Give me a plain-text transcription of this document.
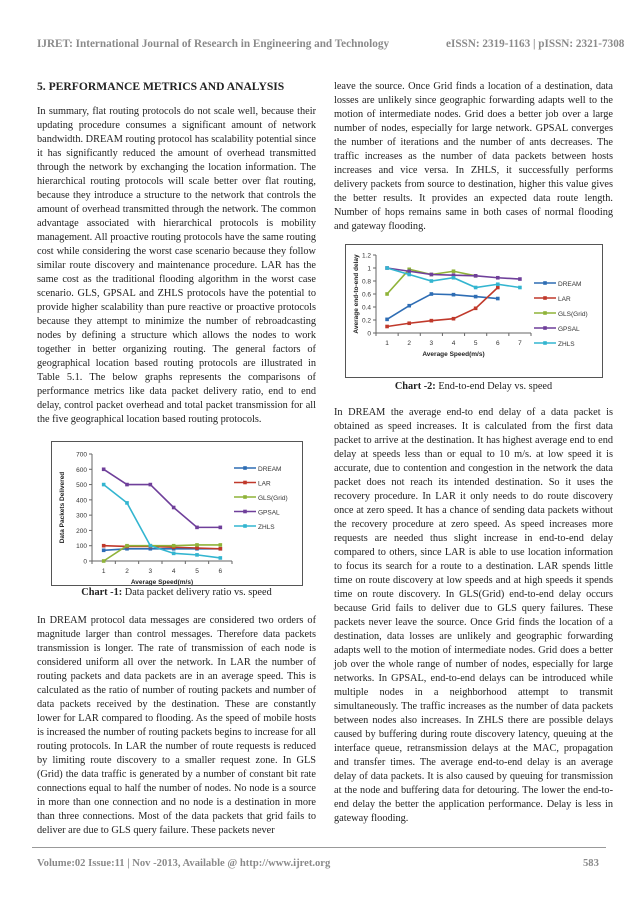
IJRET: International Journal of Research in Engineering and Technology	eISSN: 2319-1163 | pISSN: 2321-7308
5. PERFORMANCE METRICS AND ANALYSIS

In summary, flat routing protocols do not scale well, because their updating procedure consumes a significant amount of network bandwidth. DREAM routing protocol has scalability potential since it has significantly reduced the amount of overhead transmitted through the network by exchanging the location information. The hierarchical routing protocols will scale better over flat routing, because they introduce a structure to the network that controls the amount of overhead transmitted through the network. The common advantage associated with hierarchical protocols is mobility management. All proactive routing protocols have the same routing cost while considering the worst case scenario because they follow similar route discovery and maintenance procedure. LAR has the same cost as the traditional flooding algorithm in the worst case scenario. GLS, GPSAL and ZHLS protocols have the potential to provide higher scalability than pure reactive or proactive protocols because they attempt to minimize the number of rebroadcasting nodes by defining a structure which allows the nodes to work together in better organizing routing. The general factors of geographical location based routing protocols are illustrated in Table 5.1. The below graphs represents the comparisons of performance metrics like data packet delivery ratio, end to end delay, control packet overhead and total packet transmission for all the five geographical location based routing protocols.

0
100
200
300
400
500
600
700
1	2	3	4	5	6
Average Speed(m/s)
Data Packets Delivered
DREAM
LAR
GLS(Grid)
GPSAL
ZHLS
Chart -1: Data packet delivery ratio vs. speed

In DREAM protocol data messages are considered two orders of magnitude larger than control messages. Therefore data packets transmission is longer. The rate of transmission of each node is considered uniform all over the network. In LAR the number of routing packets and data packets are in an average speed. This is calculated as the ratio of number of routing packets and number of data packets received by the destination. These are constantly lower for LAR compared to flooding. As the speed of mobile hosts is increased the number of routing packets begins to increase for all routing protocols. In LAR the number of route requests is reduced by limiting route discovery to a smaller request zone. In GLS (Grid) the data traffic is generated by a number of constant bit rate connections equal to half the number of nodes. No node is a source in more than one connection and no node is a destination in more than three connections. Most of the data packets that grid fails to deliver are due to GLS query failure. These packets never

leave the source. Once Grid finds a location of a destination, data losses are unlikely since geographic forwarding adapts well to the motion of intermediate nodes. Grid does a better job over a large number of nodes, especially for large network. GPSAL converges the number of iterations and the number of ants decreases. The traffic increases as the number of data packets between hosts increases and vice versa. In ZHLS, it successfully performs delivery packets from source to destination, higher this value gives the better results. It provides an expected data route length. Number of hops remains same in both cases of normal flooding and gateway flooding.

0
0.2
0.4
0.6
0.8
1
1.2
1	2	3	4	5	6	7
Average Speed(m/s)
Average end-to-end delay	DREAM
LAR
GLS(Grid)
GPSAL
ZHLS
Chart -2: End-to-end Delay vs. speed

In DREAM the average end-to end delay of a data packet is obtained as speed increases. It is calculated from the first data packet to arrive at the destination. It has highest average end to end delay at speeds less than or equal to 10 m/s. at low speed it is accurate, due to contention and congestion in the network the data packet does not reach its intended destination. So it uses the recovery procedure. In LAR it only needs to do route discovery once at zero speed. It has a chance of sending data packets without the recovery procedure at zero speed. As speed increases more requests are needed thus slight increase in end-to-end delay compared to others, since LAR is able to use location information to focus its search for a route to a destination. LAR spends little time on route discovery at low speeds and at high speeds it spends time on route discovery. In GLS(Grid) end-to-end delay occurs because Grid fails to deliver due to GLS query failures. These packets never leave the source. Once Grid finds the location of a destination, data losses are unlikely and geographic forwarding adapts well to the motion of intermediate nodes. Grid does a better job over the whole range of number of nodes, especially for large networks. In GPSAL, end-to-end delays can be introduced while multiple nodes in a neighborhood attempt to transmit simultaneously. The traffic increases as the number of data packets between nodes also increases. In ZHLS there are possible delays caused by buffering during route discovery latency, queuing at the interface queue, retransmission delays at the MAC, propagation and transfer times. The average end-to-end delay is an average delay of data packets. It is also caused by queuing for transmission at the node and buffering data for detouring. The lower the end-to-end delay the better the application performance. Delay is less in gateway flooding.

Volume:02 Issue:11 | Nov -2013, Available @ http://www.ijret.org	583
